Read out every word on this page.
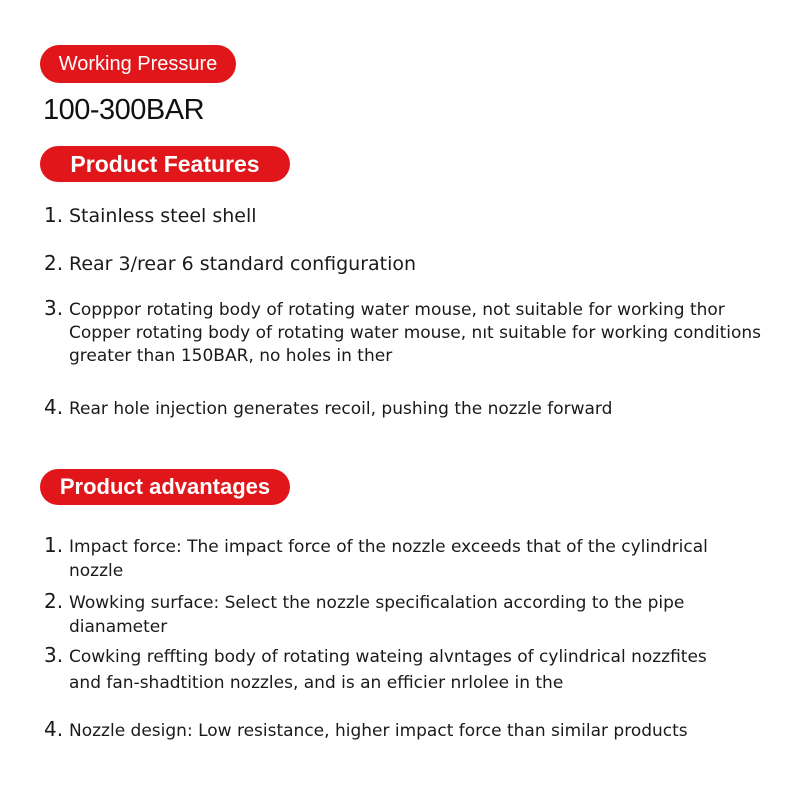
Working Pressure
100-300BAR
Product Features
1. Stainless steel shell
2. Rear 3/rear 6 standard configuration
3. Copppor rotating body of rotating water mouse, not suitable for working thor
Copper rotating body of rotating water mouse, nıt suitable for working conditions
greater than 150BAR, no holes in ther
4. Rear hole injection generates recoil, pushing the nozzle forward
Product advantages
1. Impact force: The impact force of the nozzle exceeds that of the cylindrical
nozzle
2. Wowking surface: Select the nozzle specificalation according to the pipe
dianameter
3. Cowking reffting body of rotating wateing alvntages of cylindrical nozzfites
and fan-shadtition nozzles, and is an efficier nrlolee in the
4. Nozzle design: Low resistance, higher impact force than similar products
